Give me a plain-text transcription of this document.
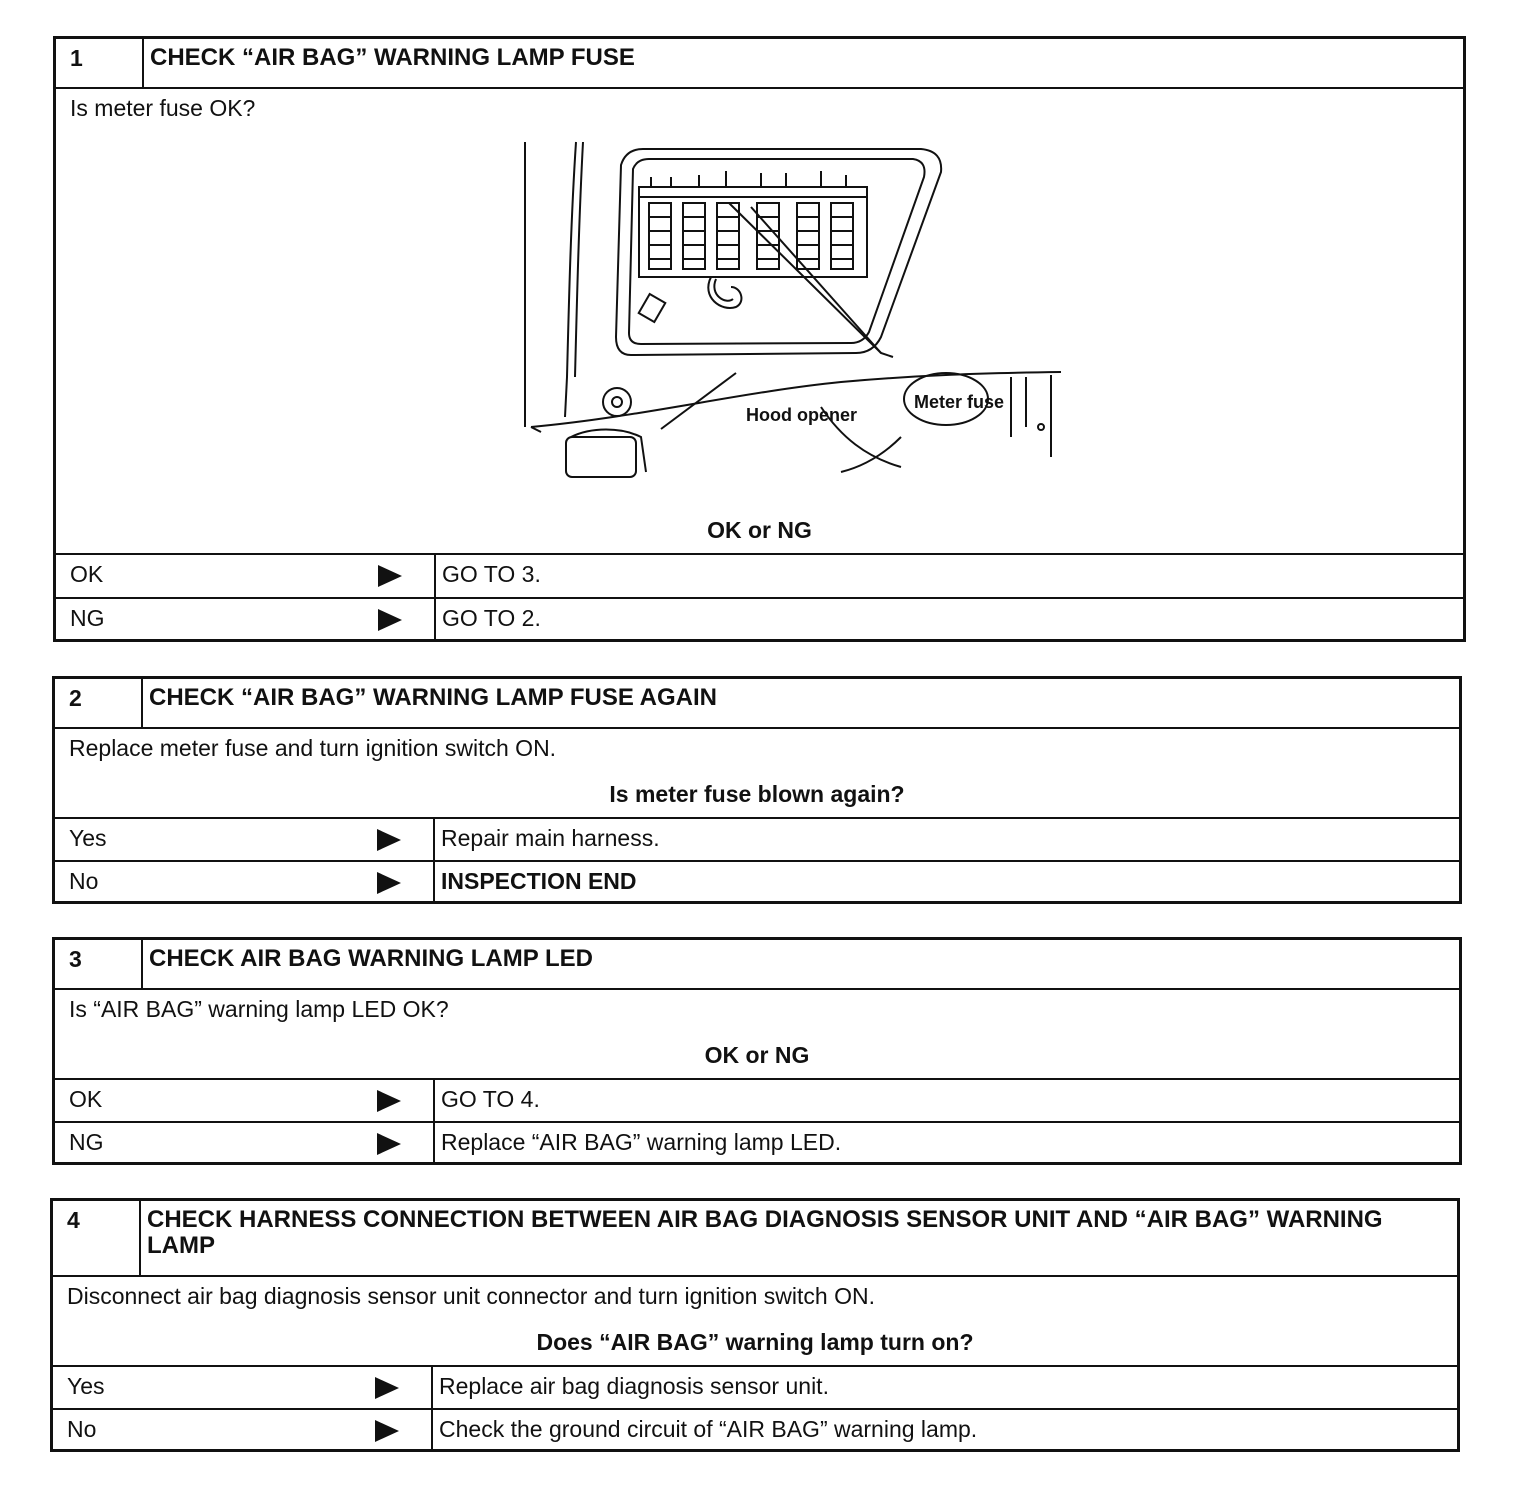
1	CHECK “AIR BAG” WARNING LAMP FUSE
Is meter fuse OK?
Meter fuse
Hood opener
OK or NG
OK	GO TO 3.
NG	GO TO 2.
2	CHECK “AIR BAG” WARNING LAMP FUSE AGAIN
Replace meter fuse and turn ignition switch ON.
Is meter fuse blown again?
Yes	Repair main harness.
No	INSPECTION END
3	CHECK AIR BAG WARNING LAMP LED
Is “AIR BAG” warning lamp LED OK?
OK or NG
OK	GO TO 4.
NG	Replace “AIR BAG” warning lamp LED.
4	CHECK HARNESS CONNECTION BETWEEN AIR BAG DIAGNOSIS SENSOR UNIT AND “AIR BAG” WARNING LAMP
Disconnect air bag diagnosis sensor unit connector and turn ignition switch ON.
Does “AIR BAG” warning lamp turn on?
Yes	Replace air bag diagnosis sensor unit.
No	Check the ground circuit of “AIR BAG” warning lamp.
